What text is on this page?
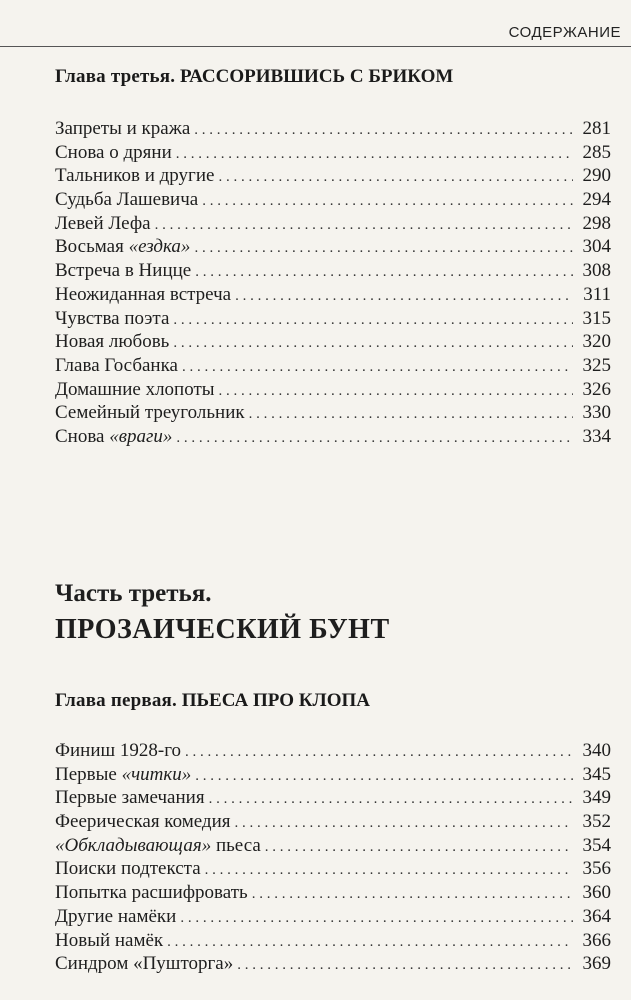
СОДЕРЖАНИЕ
Глава третья. РАССОРИВШИСЬ С БРИКОМ
Запреты и кража . . .	281
Снова о дряни . . .	285
Тальников и другие . . .	290
Судьба Лашевича . . .	294
Левей Лефа . . .	298
Восьмая «ездка» . . .	304
Встреча в Ницце . . .	308
Неожиданная встреча . . .	311
Чувства поэта . . .	315
Новая любовь . . .	320
Глава Госбанка . . .	325
Домашние хлопоты . . .	326
Семейный треугольник . . .	330
Снова «враги» . . .	334
Часть третья.
ПРОЗАИЧЕСКИЙ БУНТ
Глава первая. ПЬЕСА ПРО КЛОПА
Финиш 1928-го . . .	340
Первые «читки» . . .	345
Первые замечания . . .	349
Феерическая комедия . . .	352
«Обкладывающая» пьеса . . .	354
Поиски подтекста . . .	356
Попытка расшифровать . . .	360
Другие намёки . . .	364
Новый намёк . . .	366
Синдром «Пушторга» . . .	369
